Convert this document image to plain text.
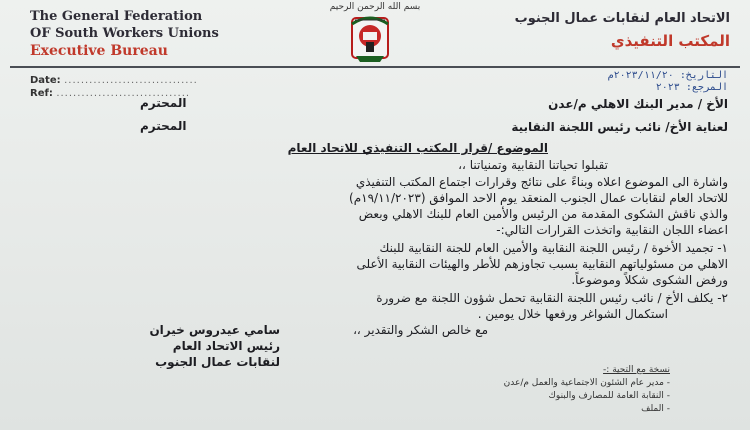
بسم الله الرحمن الرحيم
The General Federation
OF South Workers Unions
Executive Bureau
الاتحاد العام لنقابات عمال الجنوب
المكتب التنفيذي
Date: ................................
Ref: ................................
التاريخ: ٢٠٢٣/١١/٢٠م
المرجع: ٢٠٢٣
الأخ / مدير البنك الاهلي م/عدن
المحترم
لعناية الأخ/ نائب رئيس اللجنة النقابية
المحترم
الموضوع /قرار المكتب التنفيذي للاتحاد العام
تقبلوا تحياتنا النقابية وتمنياتنا ،،
واشارة الى الموضوع اعلاه وبناءً على نتائج وقرارات اجتماع المكتب التنفيذي
للاتحاد العام لنقابات عمال الجنوب المنعقد يوم الاحد الموافق (١٩/١١/٢٠٢٣م)
والذي ناقش الشكوى المقدمة من الرئيس والأمين العام للبنك الاهلي وبعض
اعضاء اللجان النقابية واتخذت القرارات التالي:-
١- تجميد الأخوة / رئيس اللجنة النقابية والأمين العام للجنة النقابية للبنك
الاهلي من مسئولياتهم النقابية بسبب تجاوزهم للأطر والهيئات النقابية الأعلى
ورفض الشكوى شكلاً وموضوعاً.
٢- يكلف الأخ / نائب رئيس اللجنة النقابية تحمل شؤون اللجنة مع ضرورة
استكمال الشواغر ورفعها خلال يومين .
مع خالص الشكر والتقدير ،،
سامي عيدروس خيران
رئيس الاتحاد العام
لنقابات عمال الجنوب
نسخة مع التحية :-
- مدير عام الشئون الاجتماعية والعمل م/عدن
- النقابة العامة للمصارف والبنوك
- الملف
